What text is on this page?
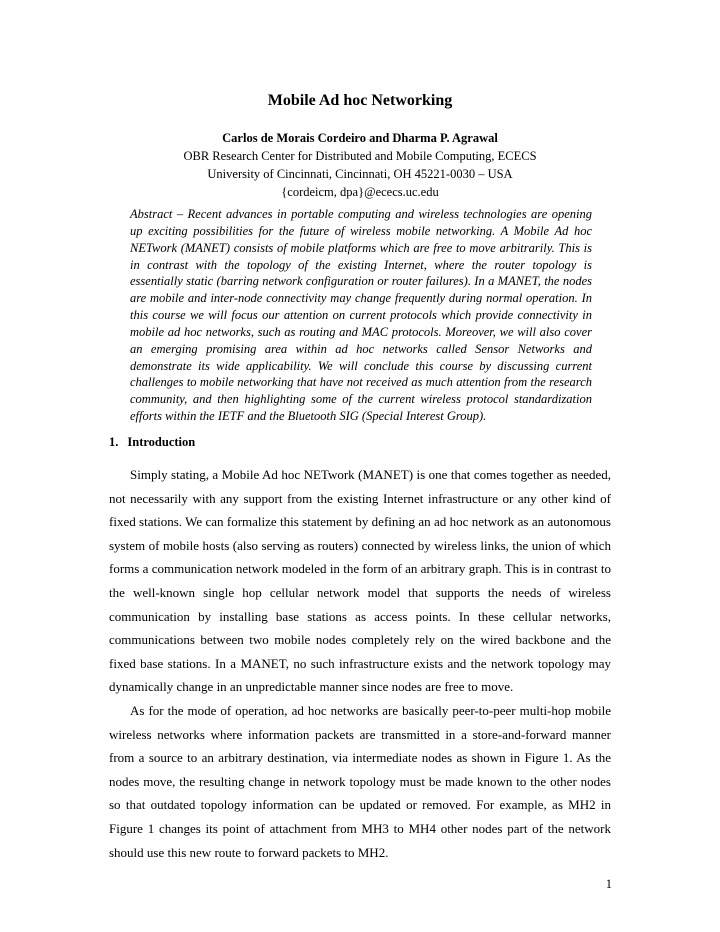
Mobile Ad hoc Networking
Carlos de Morais Cordeiro and Dharma P. Agrawal
OBR Research Center for Distributed and Mobile Computing, ECECS
University of Cincinnati, Cincinnati, OH 45221-0030 – USA
{cordeicm, dpa}@ececs.uc.edu

Abstract – Recent advances in portable computing and wireless technologies are opening up exciting possibilities for the future of wireless mobile networking. A Mobile Ad hoc NETwork (MANET) consists of mobile platforms which are free to move arbitrarily. This is in contrast with the topology of the existing Internet, where the router topology is essentially static (barring network configuration or router failures). In a MANET, the nodes are mobile and inter-node connectivity may change frequently during normal operation. In this course we will focus our attention on current protocols which provide connectivity in mobile ad hoc networks, such as routing and MAC protocols. Moreover, we will also cover an emerging promising area within ad hoc networks called Sensor Networks and demonstrate its wide applicability. We will conclude this course by discussing current challenges to mobile networking that have not received as much attention from the research community, and then highlighting some of the current wireless protocol standardization efforts within the IETF and the Bluetooth SIG (Special Interest Group).

1. Introduction

Simply stating, a Mobile Ad hoc NETwork (MANET) is one that comes together as needed, not necessarily with any support from the existing Internet infrastructure or any other kind of fixed stations. We can formalize this statement by defining an ad hoc network as an autonomous system of mobile hosts (also serving as routers) connected by wireless links, the union of which forms a communication network modeled in the form of an arbitrary graph. This is in contrast to the well-known single hop cellular network model that supports the needs of wireless communication by installing base stations as access points. In these cellular networks, communications between two mobile nodes completely rely on the wired backbone and the fixed base stations. In a MANET, no such infrastructure exists and the network topology may dynamically change in an unpredictable manner since nodes are free to move.

As for the mode of operation, ad hoc networks are basically peer-to-peer multi-hop mobile wireless networks where information packets are transmitted in a store-and-forward manner from a source to an arbitrary destination, via intermediate nodes as shown in Figure 1. As the nodes move, the resulting change in network topology must be made known to the other nodes so that outdated topology information can be updated or removed. For example, as MH2 in Figure 1 changes its point of attachment from MH3 to MH4 other nodes part of the network should use this new route to forward packets to MH2.

1
